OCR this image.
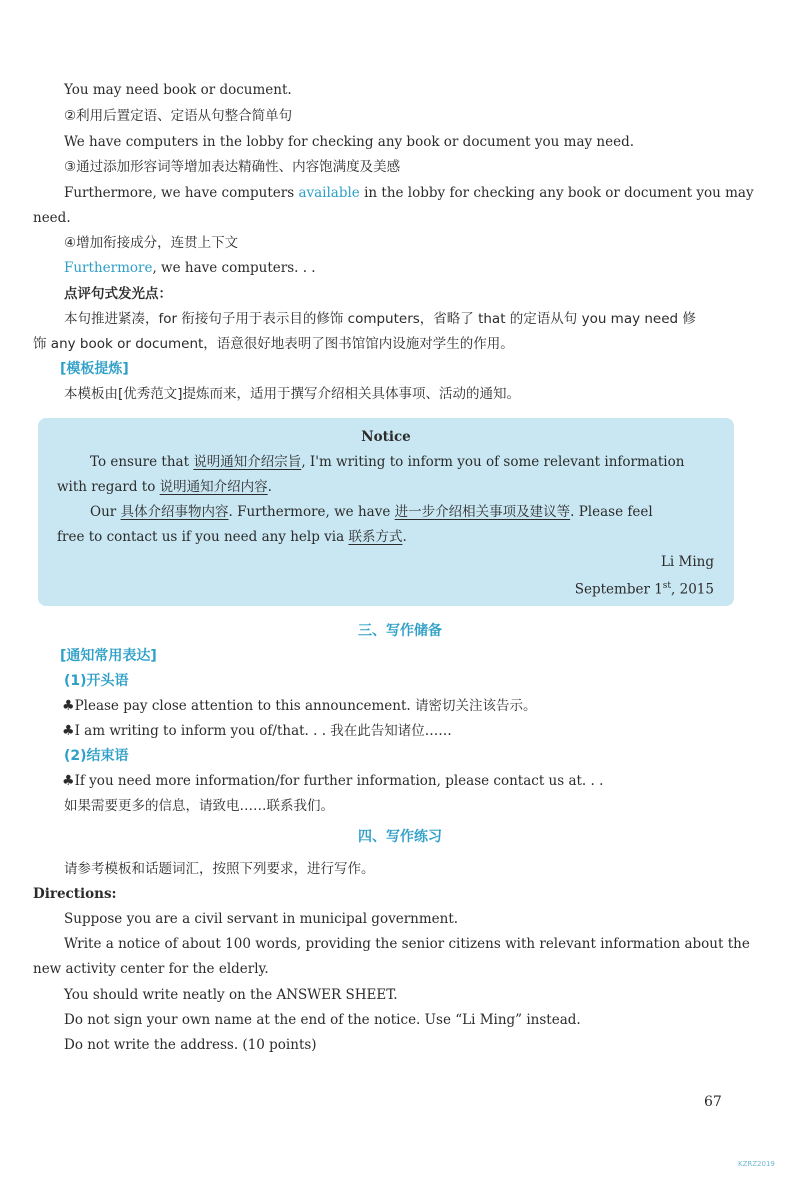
You may need book or document.
②利用后置定语、定语从句整合简单句
We have computers in the lobby for checking any book or document you may need.
③通过添加形容词等增加表达精确性、内容饱满度及美感
Furthermore, we have computers available in the lobby for checking any book or document you may
need.
④增加衔接成分，连贯上下文
Furthermore, we have computers. . .
点评句式发光点：
本句推进紧凑，for 衔接句子用于表示目的修饰 computers，省略了 that 的定语从句 you may need 修
饰 any book or document，语意很好地表明了图书馆馆内设施对学生的作用。
[模板提炼]
本模板由[优秀范文]提炼而来，适用于撰写介绍相关具体事项、活动的通知。
Notice
To ensure that 说明通知介绍宗旨, I'm writing to inform you of some relevant information
with regard to 说明通知介绍内容.
Our 具体介绍事物内容. Furthermore, we have 进一步介绍相关事项及建议等. Please feel
free to contact us if you need any help via 联系方式.
Li Ming
September 1st, 2015
三、写作储备
[通知常用表达]
(1)开头语
♣Please pay close attention to this announcement. 请密切关注该告示。
♣I am writing to inform you of/that. . . 我在此告知诸位……
(2)结束语
♣If you need more information/for further information, please contact us at. . .
如果需要更多的信息，请致电……联系我们。
四、写作练习
请参考模板和话题词汇，按照下列要求，进行写作。
Directions:
Suppose you are a civil servant in municipal government.
Write a notice of about 100 words, providing the senior citizens with relevant information about the
new activity center for the elderly.
You should write neatly on the ANSWER SHEET.
Do not sign your own name at the end of the notice. Use “Li Ming” instead.
Do not write the address. (10 points)
67
KZRZ2019
